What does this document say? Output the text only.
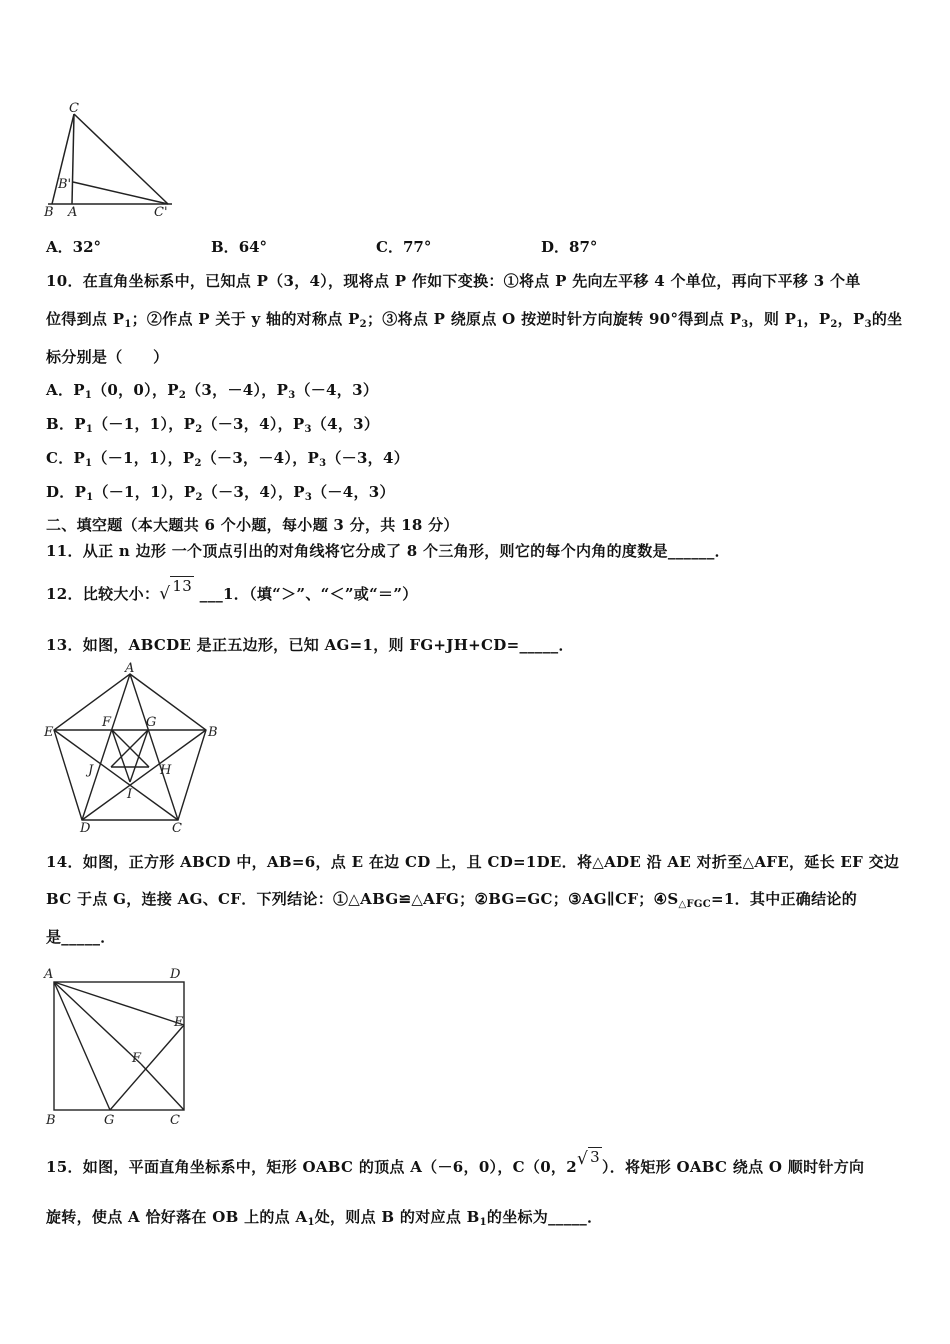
C
B'
B A	C'
A．32°	B．64°	C．77°	D．87°
10．在直角坐标系中，已知点 P（3，4），现将点 P 作如下变换：①将点 P 先向左平移 4 个单位，再向下平移 3 个单
位得到点 $P_1$；②作点 P 关于 y 轴的对称点 $P_2$；③将点 P 绕原点 O 按逆时针方向旋转 90°得到点 $P_3$，则 $P_1$，$P_2$，$P_3$的坐
标分别是（　　）
A．$P_1(0$，0），$P_2(3$，－4），$P_3(-4$，3）
B．$P_1(-1$，1），$P_2(-3$，4），$P_3(4$，3）
C．$P_1(-1$，1），$P_2(-3$，－4），$P_3(-3$，4）
D．$P_1(-1$，1），$P_2(-3$，4），$P_3(-4$，3）
二、填空题（本大题共 6 个小题，每小题 3 分，共 18 分）
11．从正 n 边形 一个顶点引出的对角线将它分成了 8 个三角形，则它的每个内角的度数是______．
12．比较大小：√ 13 ___1．（填“＞”、“＜”或“＝”）
13．如图，ABCDE 是正五边形，已知 AG=1，则 FG+JH+CD=_____．
A
B
C
D
E
F	G
H
I
J
14．如图，正方形 ABCD 中，AB=6，点 E 在边 CD 上，且 CD=1DE．将△ADE 沿 AE 对折至△AFE，延长 EF 交边
BC 于点 G，连接 AG、CF．下列结论：①△ABG≌△AFG；②BG=GC；③AG∥CF；$④S_{\triangle FGC}=1$．其中正确结论的
是_____．
A	D
E
F
B	G	C
15．如图，平面直角坐标系中，矩形 OABC 的顶点 A（－6，0），C（0，2√ 3）．将矩形 OABC 绕点 O 顺时针方向
旋转，使点 A 恰好落在 OB 上的点 $A_1$处，则点 B 的对应点 $B_1$的坐标为_____．
